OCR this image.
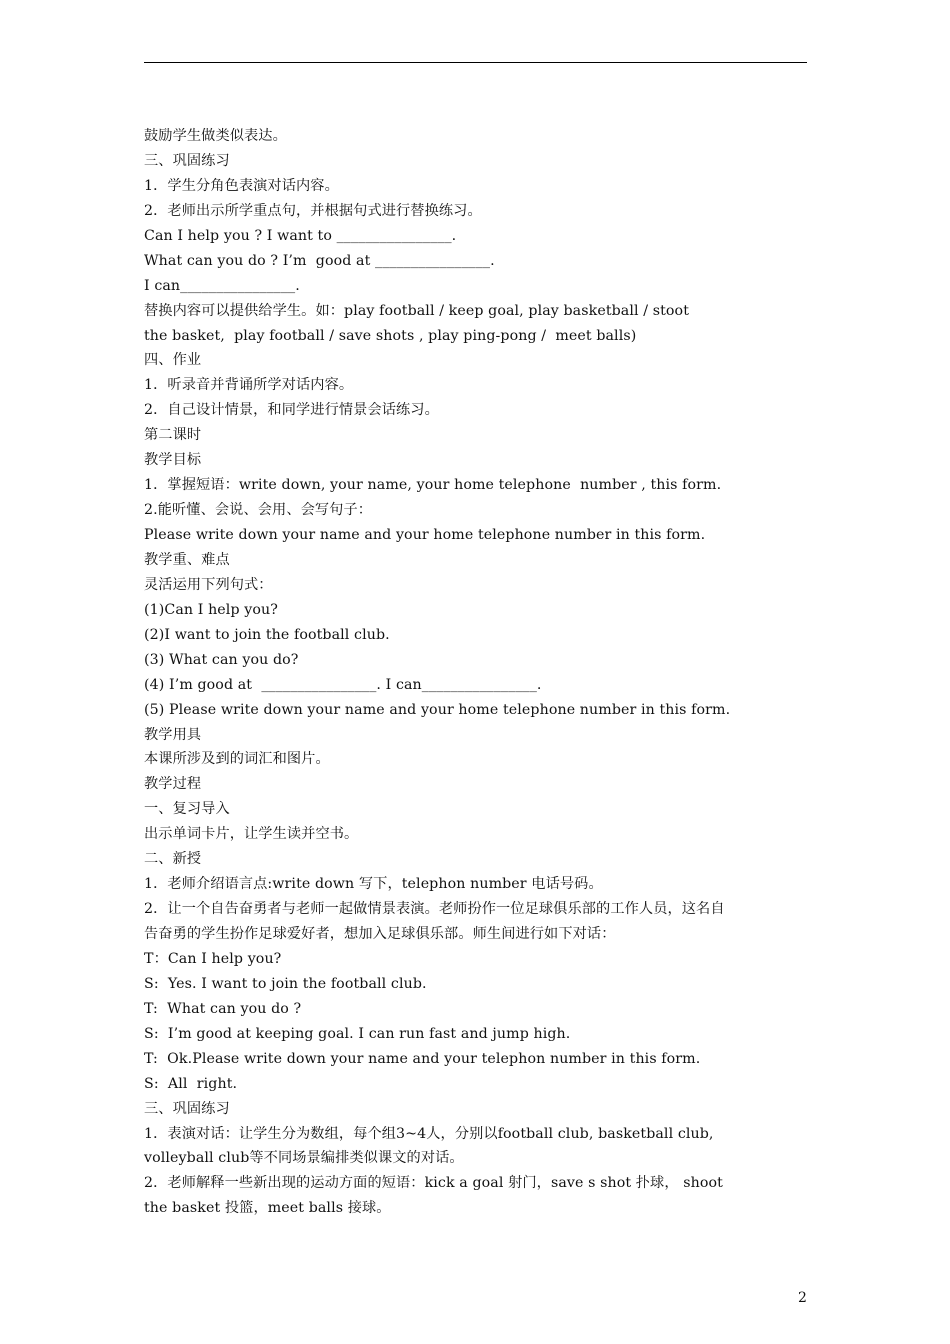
鼓励学生做类似表达。
三、巩固练习
1．学生分角色表演对话内容。
2．老师出示所学重点句，并根据句式进行替换练习。
Can I help you ? I want to ________________.
What can you do ? I’m  good at ________________.
I can________________.
替换内容可以提供给学生。如：play football / keep goal, play basketball / stoot
the basket,  play football / save shots , play ping-pong /  meet balls)
四、作业
1．听录音并背诵所学对话内容。
2．自己设计情景，和同学进行情景会话练习。
第二课时
教学目标
1．掌握短语：write down, your name, your home telephone  number , this form.
2.能听懂、会说、会用、会写句子：
Please write down your name and your home telephone number in this form.
教学重、难点
灵活运用下列句式：
(1)Can I help you?
(2)I want to join the football club.
(3) What can you do?
(4) I’m good at  ________________. I can________________.
(5) Please write down your name and your home telephone number in this form.
教学用具
本课所涉及到的词汇和图片。
教学过程
一、复习导入
出示单词卡片，让学生读并空书。
二、新授
1．老师介绍语言点:write down 写下，telephon number 电话号码。
2．让一个自告奋勇者与老师一起做情景表演。老师扮作一位足球俱乐部的工作人员，这名自
告奋勇的学生扮作足球爱好者，想加入足球俱乐部。师生间进行如下对话：
T：Can I help you?
S:  Yes. I want to join the football club.
T:  What can you do ?
S:  I’m good at keeping goal. I can run fast and jump high.
T:  Ok.Please write down your name and your telephon number in this form.
S:  All  right.
三、巩固练习
1．表演对话：让学生分为数组，每个组3~4人，分别以football club, basketball club,
volleyball club等不同场景编排类似课文的对话。
2．老师解释一些新出现的运动方面的短语：kick a goal 射门，save s shot 扑球， shoot
the basket 投篮，meet balls 接球。
2
